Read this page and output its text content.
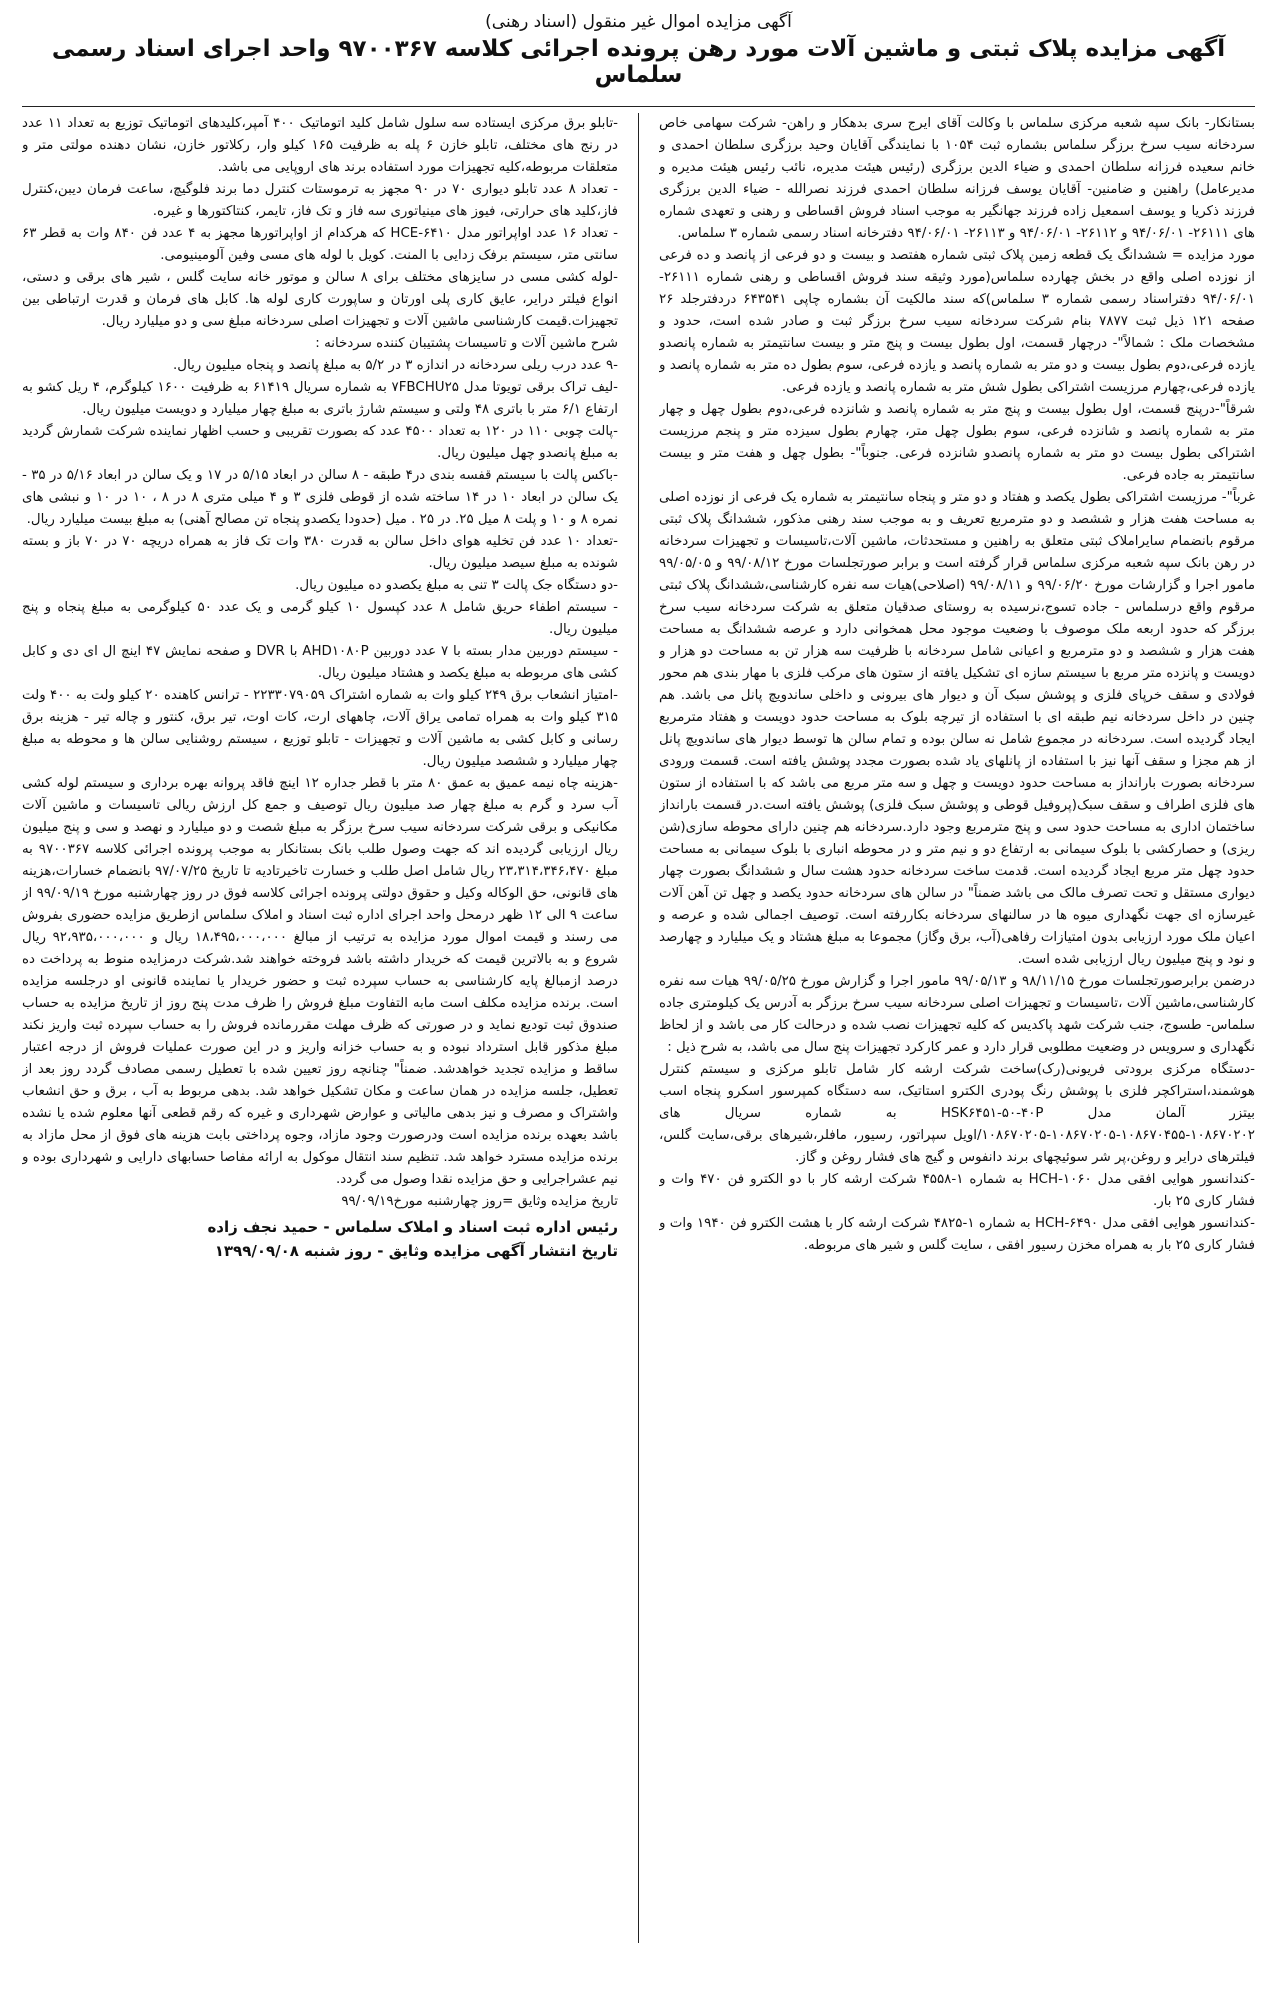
آگهی مزایده اموال غیر منقول (اسناد رهنی)

آگهی مزایده پلاک ثبتی و ماشین آلات مورد رهن پرونده اجرائی کلاسه ۹۷۰۰۳۶۷ واحد اجرای اسناد رسمی سلماس

بستانکار- بانک سپه شعبه مرکزی سلماس با وکالت آقای ایرج سری بدهکار و راهن- شرکت سهامی خاص سردخانه سیب سرخ برزگر سلماس بشماره ثبت ۱۰۵۴ با نمایندگی آقایان وحید برزگری سلطان احمدی و خانم سعیده فرزانه سلطان احمدی و ضیاء الدین برزگری (رئیس هیئت مدیره، نائب رئیس هیئت مدیره و مدیرعامل) راهنین و ضامنین- آقایان یوسف فرزانه سلطان احمدی فرزند نصرالله - ضیاء الدین برزگری فرزند ذکریا و یوسف اسمعیل زاده فرزند جهانگیر به موجب اسناد فروش اقساطی و رهنی و تعهدی شماره های ۲۶۱۱۱- ۹۴/۰۶/۰۱ و ۲۶۱۱۲- ۹۴/۰۶/۰۱ و ۲۶۱۱۳- ۹۴/۰۶/۰۱ دفترخانه اسناد رسمی شماره ۳ سلماس.

مورد مزایده = ششدانگ یک قطعه زمین پلاک ثبتی شماره هفتصد و بیست و دو فرعی از پانصد و ده فرعی از نوزده اصلی واقع در بخش چهارده سلماس(مورد وثیقه سند فروش اقساطی و رهنی شماره ۲۶۱۱۱- ۹۴/۰۶/۰۱ دفتراسناد رسمی شماره ۳ سلماس)که سند مالکیت آن بشماره چاپی ۶۴۳۵۴۱ دردفترجلد ۲۶ صفحه ۱۲۱ ذیل ثبت ۷۸۷۷ بنام شرکت سردخانه سیب سرخ برزگر ثبت و صادر شده است، حدود و مشخصات ملک : شمالاً"- درچهار قسمت، اول بطول بیست و پنج متر و بیست سانتیمتر به شماره پانصدو یازده فرعی،دوم بطول بیست و دو متر به شماره پانصد و یازده فرعی، سوم بطول ده متر به شماره پانصد و یازده فرعی،چهارم مرزیست اشتراکی بطول شش متر به شماره پانصد و یازده فرعی.

شرقاً"-درپنج قسمت، اول بطول بیست و پنج متر به شماره پانصد و شانزده فرعی،دوم بطول چهل و چهار متر به شماره پانصد و شانزده فرعی، سوم بطول چهل متر، چهارم بطول سیزده متر و پنجم مرزیست اشتراکی بطول بیست دو متر به شماره پانصدو شانزده فرعی. جنوباً"- بطول چهل و هفت متر و بیست سانتیمتر به جاده فرعی.

غرباً"- مرزیست اشتراکی بطول یکصد و هفتاد و دو متر و پنجاه سانتیمتر به شماره یک فرعی از نوزده اصلی به مساحت هفت هزار و ششصد و دو مترمربع تعریف و به موجب سند رهنی مذکور، ششدانگ پلاک ثبتی مرقوم بانضمام سایراملاک ثبتی متعلق به راهنین و مستحدثات، ماشین آلات،تاسیسات و تجهیزات سردخانه در رهن بانک سپه شعبه مرکزی سلماس قرار گرفته است و برابر صورتجلسات مورخ ۹۹/۰۸/۱۲ و ۹۹/۰۵/۰۵ مامور اجرا و گزارشات مورخ ۹۹/۰۶/۲۰ و ۹۹/۰۸/۱۱ (اصلاحی)هیات سه نفره کارشناسی،ششدانگ پلاک ثبتی مرقوم واقع درسلماس - جاده تسوج،نرسیده به روستای صدقیان متعلق به شرکت سردخانه سیب سرخ برزگر که حدود اربعه ملک موصوف با وضعیت موجود محل همخوانی دارد و عرصه ششدانگ به مساحت هفت هزار و ششصد و دو مترمربع و اعیانی شامل سردخانه با ظرفیت سه هزار تن به مساحت دو هزار و دویست و پانزده متر مربع با سیستم سازه ای تشکیل یافته از ستون های مرکب فلزی با مهار بندی هم محور فولادی و سقف خرپای فلزی و پوشش سبک آن و دیوار های بیرونی و داخلی ساندویچ پانل می باشد. هم چنین در داخل سردخانه نیم طبقه ای با استفاده از تیرچه بلوک به مساحت حدود دویست و هفتاد مترمربع ایجاد گردیده است. سردخانه در مجموع شامل نه سالن بوده و تمام سالن ها توسط دیوار های ساندویچ پانل از هم مجزا و سقف آنها نیز با استفاده از پانلهای یاد شده بصورت مجدد پوشش یافته است. قسمت ورودی سردخانه بصورت بارانداز به مساحت حدود دویست و چهل و سه متر مربع می باشد که با استفاده از ستون های فلزی اطراف و سقف سبک(پروفیل قوطی و پوشش سبک فلزی) پوشش یافته است.در قسمت بارانداز ساختمان اداری به مساحت حدود سی و پنج مترمربع وجود دارد.سردخانه هم چنین دارای محوطه سازی(شن ریزی) و حصارکشی با بلوک سیمانی به ارتفاع دو و نیم متر و در محوطه انباری با بلوک سیمانی به مساحت حدود چهل متر مربع ایجاد گردیده است. قدمت ساخت سردخانه حدود هشت سال و ششدانگ بصورت چهار دیواری مستقل و تحت تصرف مالک می باشد ضمناً" در سالن های سردخانه حدود یکصد و چهل تن آهن آلات غیرسازه ای جهت نگهداری میوه ها در سالنهای سردخانه بکاررفته است. توصیف اجمالی شده و عرصه و اعیان ملک مورد ارزیابی بدون امتیازات رفاهی(آب، برق وگاز) مجموعا به مبلغ هشتاد و یک میلیارد و چهارصد و نود و پنج میلیون ریال ارزیابی شده است.

درضمن برابرصورتجلسات مورخ ۹۸/۱۱/۱۵ و ۹۹/۰۵/۱۳ مامور اجرا و گزارش مورخ ۹۹/۰۵/۲۵ هیات سه نفره کارشناسی،ماشین آلات ،تاسیسات و تجهیزات اصلی سردخانه سیب سرخ برزگر به آدرس یک کیلومتری جاده سلماس- طسوج، جنب شرکت شهد پاکدیس که کلیه تجهیزات نصب شده و درحالت کار می باشد و از لحاظ نگهداری و سرویس در وضعیت مطلوبی قرار دارد و عمر کارکرد تجهیزات پنج سال می باشد، به شرح ذیل :

-دستگاه مرکزی برودتی فریونی(رک)ساخت شرکت ارشه کار شامل تابلو مرکزی و سیستم کنترل هوشمند،استراکچر فلزی با پوشش رنگ پودری الکترو استاتیک، سه دستگاه کمپرسور اسکرو پنجاه اسب بیتزر آلمان مدل HSK۶۴۵۱-۵۰-۴۰P به شماره سریال های ۱۰۸۶۷۰۲۰۲-۱۰۸۶۷۰۴۵۵-۱۰۸۶۷۰۲۰۵-۱۰۸۶۷۰۲۰۵/اویل سپراتور، رسیور، مافلر،شیرهای برقی،سایت گلس، فیلترهای درایر و روغن،پر شر سوئیچهای برند دانفوس و گیج های فشار روغن و گاز.

-کندانسور هوایی افقی مدل HCH-۱۰۶۰ به شماره ۱-۴۵۵۸ شرکت ارشه کار با دو الکترو فن ۴۷۰ وات و فشار کاری ۲۵ بار.

-کندانسور هوایی افقی مدل HCH-۶۴۹۰ به شماره ۱-۴۸۲۵ شرکت ارشه کار با هشت الکترو فن ۱۹۴۰ وات و فشار کاری ۲۵ بار به همراه مخزن رسیور افقی ، سایت گلس و شیر های مربوطه.

-تابلو برق مرکزی ایستاده سه سلول شامل کلید اتوماتیک ۴۰۰ آمپر،کلیدهای اتوماتیک توزیع به تعداد ۱۱ عدد در رنج های مختلف، تابلو خازن ۶ پله به ظرفیت ۱۶۵ کیلو وار، رکلاتور خازن، نشان دهنده مولتی متر و متعلقات مربوطه،کلیه تجهیزات مورد استفاده برند های اروپایی می باشد.

- تعداد ۸ عدد تابلو دیواری ۷۰ در ۹۰ مجهز به ترموستات کنترل دما برند فلوگیچ، ساعت فرمان دیبن،کنترل فاز،کلید های حرارتی، فیوز های مینیاتوری سه فاز و تک فاز، تایمر، کنتاکتورها و غیره.

- تعداد ۱۶ عدد اواپراتور مدل HCE-۶۴۱۰ که هرکدام از اواپراتورها مجهز به ۴ عدد فن ۸۴۰ وات به قطر ۶۳ سانتی متر، سیستم برفک زدایی با المنت. کویل با لوله های مسی وفین آلومینیومی.

-لوله کشی مسی در سایزهای مختلف برای ۸ سالن و موتور خانه سایت گلس ، شیر های برقی و دستی، انواع فیلتر درایر، عایق کاری پلی اورتان و ساپورت کاری لوله ها. کابل های فرمان و قدرت ارتباطی بین تجهیزات.قیمت کارشناسی ماشین آلات و تجهیزات اصلی سردخانه مبلغ سی و دو میلیارد ریال.

شرح ماشین آلات و تاسیسات پشتیبان کننده سردخانه :

-۹ عدد درب ریلی سردخانه در اندازه ۳ در ۵/۲ به مبلغ پانصد و پنجاه میلیون ریال.

-لیف تراک برقی تویوتا مدل ۷FBCHU۲۵ به شماره سریال ۶۱۴۱۹ به ظرفیت ۱۶۰۰ کیلوگرم، ۴ ریل کشو به ارتفاع ۶/۱ متر با باتری ۴۸ ولتی و سیستم شارژ باتری به مبلغ چهار میلیارد و دویست میلیون ریال.

-پالت چوبی ۱۱۰ در ۱۲۰ به تعداد ۴۵۰۰ عدد که بصورت تقریبی و حسب اظهار نماینده شرکت شمارش گردید به مبلغ پانصدو چهل میلیون ریال.

-باکس پالت با سیستم قفسه بندی در۴ طبقه - ۸ سالن در ابعاد ۵/۱۵ در ۱۷ و یک سالن در ابعاد ۵/۱۶ در ۳۵ - یک سالن در ابعاد ۱۰ در ۱۴ ساخته شده از قوطی فلزی ۳ و ۴ میلی متری ۸ در ۸ ، ۱۰ در ۱۰ و نبشی های نمره ۸ و ۱۰ و پلت ۸ میل ۲۵. در ۲۵ . میل (حدودا یکصدو پنجاه تن مصالح آهنی) به مبلغ بیست میلیارد ریال.

-تعداد ۱۰ عدد فن تخلیه هوای داخل سالن به قدرت ۳۸۰ وات تک فاز به همراه دریچه ۷۰ در ۷۰ باز و بسته شونده به مبلغ سیصد میلیون ریال.

-دو دستگاه جک پالت ۳ تنی به مبلغ یکصدو ده میلیون ریال.

- سیستم اطفاء حریق شامل ۸ عدد کپسول ۱۰ کیلو گرمی و یک عدد ۵۰ کیلوگرمی به مبلغ پنجاه و پنج میلیون ریال.

- سیستم دوربین مدار بسته با ۷ عدد دوربین AHD۱۰۸۰P با DVR و صفحه نمایش ۴۷ اینچ ال ای دی و کابل کشی های مربوطه به مبلغ یکصد و هشتاد میلیون ریال.

-امتیاز انشعاب برق ۲۴۹ کیلو وات به شماره اشتراک ۲۲۳۳۰۷۹۰۵۹ - ترانس کاهنده ۲۰ کیلو ولت به ۴۰۰ ولت ۳۱۵ کیلو وات به همراه تمامی یراق آلات، چاههای ارت، کات اوت، تیر برق، کنتور و چاله تیر - هزینه برق رسانی و کابل کشی به ماشین آلات و تجهیزات - تابلو توزیع ، سیستم روشنایی سالن ها و محوطه به مبلغ چهار میلیارد و ششصد میلیون ریال.

-هزینه چاه نیمه عمیق به عمق ۸۰ متر با قطر جداره ۱۲ اینچ فاقد پروانه بهره برداری و سیستم لوله کشی آب سرد و گرم به مبلغ چهار صد میلیون ریال توصیف و جمع کل ارزش ریالی تاسیسات و ماشین آلات مکانیکی و برقی شرکت سردخانه سیب سرخ برزگر به مبلغ شصت و دو میلیارد و نهصد و سی و پنج میلیون ریال ارزیابی گردیده اند که جهت وصول طلب بانک بستانکار به موجب پرونده اجرائی کلاسه ۹۷۰۰۳۶۷ به مبلغ ۲۳،۳۱۴،۳۴۶،۴۷۰ ریال شامل اصل طلب و خسارت تاخیرتادیه تا تاریخ ۹۷/۰۷/۲۵ بانضمام خسارات،هزینه های قانونی، حق الوکاله وکیل و حقوق دولتی پرونده اجرائی کلاسه فوق در روز چهارشنبه مورخ ۹۹/۰۹/۱۹ از ساعت ۹ الی ۱۲ ظهر درمحل واحد اجرای اداره ثبت اسناد و املاک سلماس ازطریق مزایده حضوری بفروش می رسند و قیمت اموال مورد مزایده به ترتیب از مبالغ ۱۸،۴۹۵،۰۰۰،۰۰۰ ریال و ۹۲،۹۳۵،۰۰۰،۰۰۰ ریال شروع و به بالاترین قیمت که خریدار داشته باشد فروخته خواهند شد.شرکت درمزایده منوط به پرداخت ده درصد ازمبالغ پایه کارشناسی به حساب سپرده ثبت و حضور خریدار یا نماینده قانونی او درجلسه مزایده است. برنده مزایده مکلف است مابه التفاوت مبلغ فروش را ظرف مدت پنج روز از تاریخ مزایده به حساب صندوق ثبت تودیع نماید و در صورتی که ظرف مهلت مقررمانده فروش را به حساب سپرده ثبت واریز نکند مبلغ مذکور قابل استرداد نبوده و به حساب خزانه واریز و در این صورت عملیات فروش از درجه اعتبار ساقط و مزایده تجدید خواهدشد. ضمناً" چنانچه روز تعیین شده با تعطیل رسمی مصادف گردد روز بعد از تعطیل، جلسه مزایده در همان ساعت و مکان تشکیل خواهد شد. بدهی مربوط به آب ، برق و حق انشعاب واشتراک و مصرف و نیز بدهی مالیاتی و عوارض شهرداری و غیره که رقم قطعی آنها معلوم شده یا نشده باشد بعهده برنده مزایده است ودرصورت وجود مازاد، وجوه پرداختی بابت هزینه های فوق از محل مازاد به برنده مزایده مسترد خواهد شد. تنظیم سند انتقال موکول به ارائه مفاصا حسابهای دارایی و شهرداری بوده و نیم عشراجرایی و حق مزایده نقدا وصول می گردد.

تاریخ مزایده وثایق =روز چهارشنبه مورخ۹۹/۰۹/۱۹

رئیس اداره ثبت اسناد و املاک سلماس - حمید نجف زاده
تاریخ انتشار آگهی مزایده وثایق - روز شنبه ۱۳۹۹/۰۹/۰۸
